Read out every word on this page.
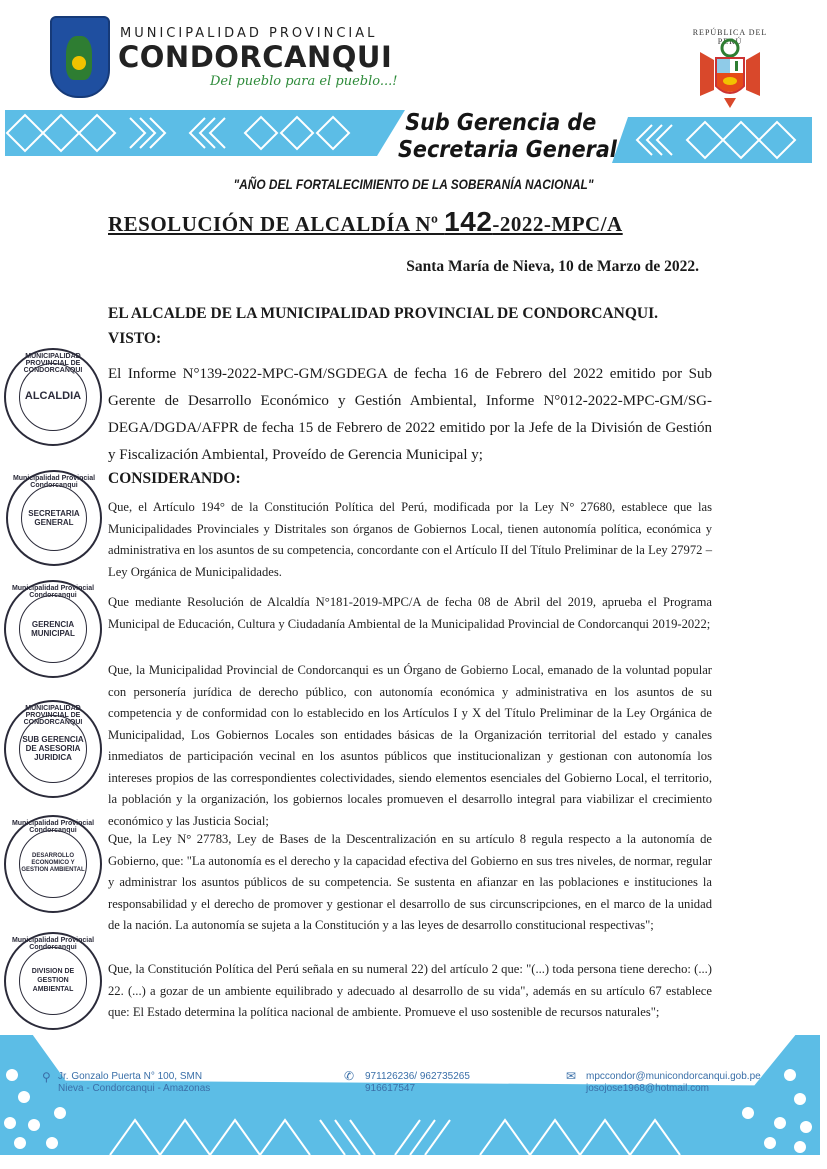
MUNICIPALIDAD PROVINCIAL
CONDORCANQUI
Del pueblo para el pueblo...!
REPÚBLICA DEL PERÚ
Sub Gerencia de
Secretaria General
"AÑO DEL FORTALECIMIENTO DE LA SOBERANÍA NACIONAL"
RESOLUCIÓN DE ALCALDÍA Nº 142-2022-MPC/A
Santa María de Nieva, 10 de Marzo de 2022.
EL ALCALDE DE LA MUNICIPALIDAD PROVINCIAL DE CONDORCANQUI.
VISTO:
El Informe N°139-2022-MPC-GM/SGDEGA de fecha 16 de Febrero del 2022 emitido por Sub Gerente de Desarrollo Económico y Gestión Ambiental, Informe N°012-2022-MPC-GM/SG-DEGA/DGDA/AFPR de fecha 15 de Febrero de 2022 emitido por la Jefe de la División de Gestión y Fiscalización Ambiental, Proveído de Gerencia Municipal y;
CONSIDERANDO:
Que, el Artículo 194° de la Constitución Política del Perú, modificada por la Ley N° 27680, establece que las Municipalidades Provinciales y Distritales son órganos de Gobiernos Local, tienen autonomía política, económica y administrativa en los asuntos de su competencia, concordante con el Artículo II del Título Preliminar de la Ley 27972 – Ley Orgánica de Municipalidades.
Que mediante Resolución de Alcaldía N°181-2019-MPC/A de fecha 08 de Abril del 2019, aprueba el Programa Municipal de Educación, Cultura y Ciudadanía Ambiental de la Municipalidad Provincial de Condorcanqui 2019-2022;
Que, la Municipalidad Provincial de Condorcanqui es un Órgano de Gobierno Local, emanado de la voluntad popular con personería jurídica de derecho público, con autonomía económica y administrativa en los asuntos de su competencia y de conformidad con lo establecido en los Artículos I y X del Título Preliminar de la Ley Orgánica de Municipalidad, Los Gobiernos Locales son entidades básicas de la Organización territorial del estado y canales inmediatos de participación vecinal en los asuntos públicos que institucionalizan y gestionan con autonomía los intereses propios de las correspondientes colectividades, siendo elementos esenciales del Gobierno Local, el territorio, la población y la organización, los gobiernos locales promueven el desarrollo integral para viabilizar el crecimiento económico y las Justicia Social;
Que, la Ley N° 27783, Ley de Bases de la Descentralización en su artículo 8 regula respecto a la autonomía de Gobierno, que: "La autonomía es el derecho y la capacidad efectiva del Gobierno en sus tres niveles, de normar, regular y administrar los asuntos públicos de su competencia. Se sustenta en afianzar en las poblaciones e instituciones la responsabilidad y el derecho de promover y gestionar el desarrollo de sus circunscripciones, en el marco de la unidad de la nación. La autonomía se sujeta a la Constitución y a las leyes de desarrollo constitucional respectivas";
Que, la Constitución Política del Perú señala en su numeral 22) del artículo 2 que: "(...) toda persona tiene derecho: (...) 22. (...) a gozar de un ambiente equilibrado y adecuado al desarrollo de su vida", además en su artículo 67 establece que: El Estado determina la política nacional de ambiente. Promueve el uso sostenible de recursos naturales";
MUNICIPALIDAD PROVINCIAL DE CONDORCANQUI
ALCALDIA
Municipalidad Provincial Condorcanqui
SECRETARIA GENERAL
Municipalidad Provincial Condorcanqui
GERENCIA MUNICIPAL
MUNICIPALIDAD PROVINCIAL DE CONDORCANQUI
SUB GERENCIA DE ASESORIA JURIDICA
Municipalidad Provincial Condorcanqui
DESARROLLO ECONOMICO Y GESTION AMBIENTAL
Municipalidad Provincial Condorcanqui
DIVISION DE GESTION AMBIENTAL
⚲ Jr. Gonzalo Puerta N° 100, SMN
Nieva - Condorcanqui - Amazonas
✆ 971126236/ 962735265
916617547
✉ mpccondor@municondorcanqui.gob.pe
josojose1968@hotmail.com
